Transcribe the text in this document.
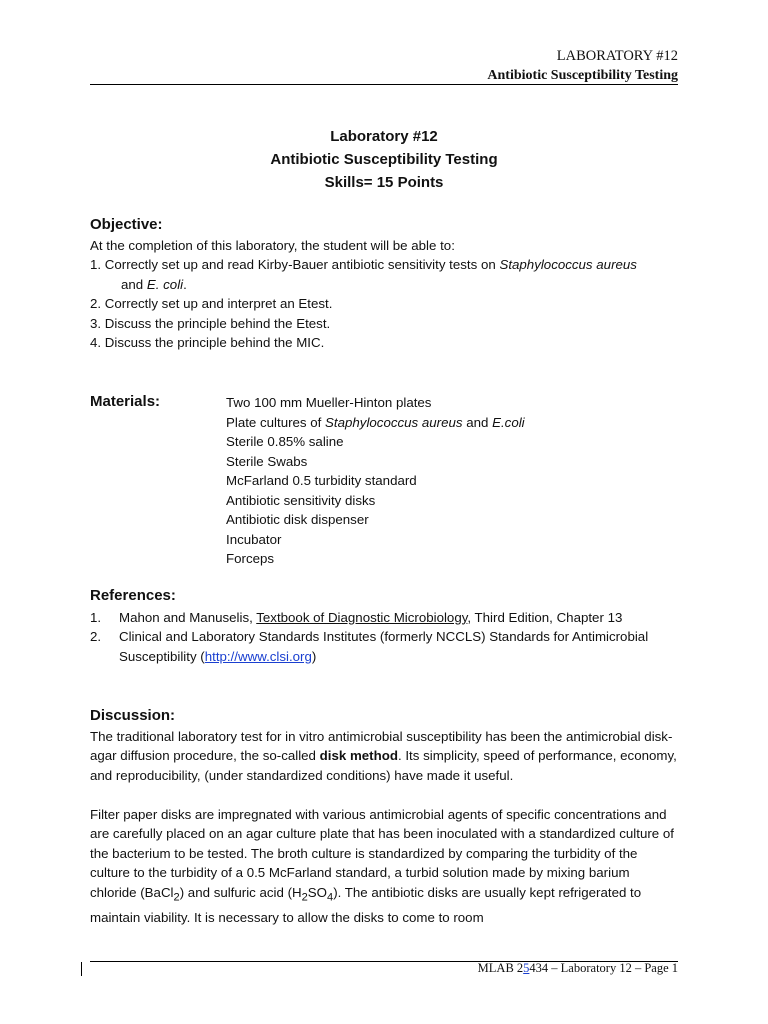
LABORATORY #12
Antibiotic Susceptibility Testing
Laboratory #12
Antibiotic Susceptibility Testing
Skills= 15 Points
Objective:
At the completion of this laboratory, the student will be able to:
1. Correctly set up and read Kirby-Bauer antibiotic sensitivity tests on Staphylococcus aureus
and E. coli.
2. Correctly set up and interpret an Etest.
3. Discuss the principle behind the Etest.
4. Discuss the principle behind the MIC.
Materials:	Two 100 mm Mueller-Hinton plates
Plate cultures of Staphylococcus aureus and E.coli
Sterile 0.85% saline
Sterile Swabs
McFarland 0.5 turbidity standard
Antibiotic sensitivity disks
Antibiotic disk dispenser
Incubator
Forceps
References:
1.	Mahon and Manuselis, Textbook of Diagnostic Microbiology, Third Edition, Chapter 13
2.	Clinical and Laboratory Standards Institutes (formerly NCCLS) Standards for Antimicrobial
Susceptibility (http://www.clsi.org)
Discussion:

The traditional laboratory test for in vitro antimicrobial susceptibility has been the antimicrobial disk-agar diffusion procedure, the so-called disk method. Its simplicity, speed of performance, economy, and reproducibility, (under standardized conditions) have made it useful.

Filter paper disks are impregnated with various antimicrobial agents of specific concentrations and are carefully placed on an agar culture plate that has been inoculated with a standardized culture of the bacterium to be tested. The broth culture is standardized by comparing the turbidity of the culture to the turbidity of a 0.5 McFarland standard, a turbid solution made by mixing barium chloride (BaCl$_2$) and sulfuric acid $(H_2SO_4)$. The antibiotic disks are usually kept refrigerated to maintain viability. It is necessary to allow the disks to come to room

MLAB 25434 – Laboratory 12 – Page 1
